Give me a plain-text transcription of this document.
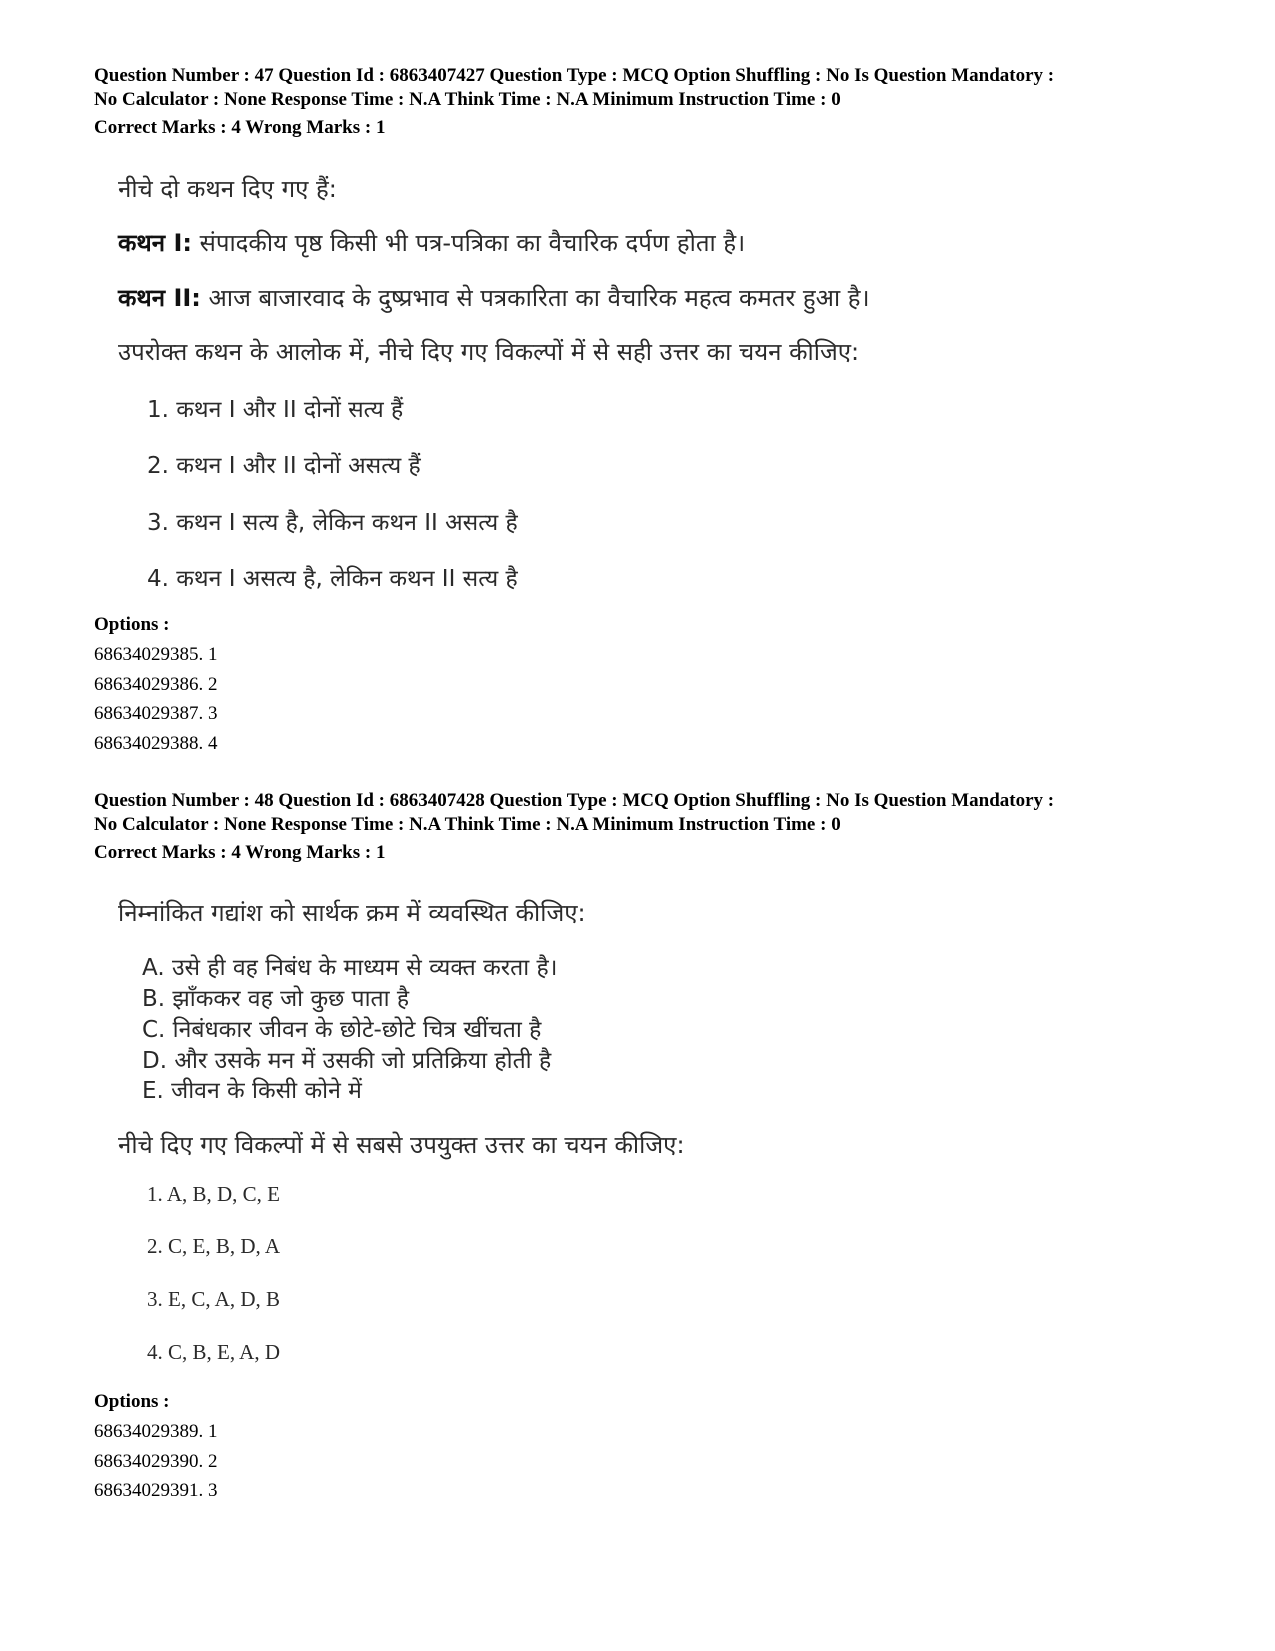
Question Number : 47 Question Id : 6863407427 Question Type : MCQ Option Shuffling : No Is Question Mandatory :
No Calculator : None Response Time : N.A Think Time : N.A Minimum Instruction Time : 0
Correct Marks : 4 Wrong Marks : 1
नीचे दो कथन दिए गए हैं:
कथन I: संपादकीय पृष्ठ किसी भी पत्र-पत्रिका का वैचारिक दर्पण होता है।
कथन II: आज बाजारवाद के दुष्प्रभाव से पत्रकारिता का वैचारिक महत्व कमतर हुआ है।
उपरोक्त कथन के आलोक में, नीचे दिए गए विकल्पों में से सही उत्तर का चयन कीजिए:
1. कथन I और II दोनों सत्य हैं
2. कथन I और II दोनों असत्य हैं
3. कथन I सत्य है, लेकिन कथन II असत्य है
4. कथन I असत्य है, लेकिन कथन II सत्य है
Options :
68634029385. 1
68634029386. 2
68634029387. 3
68634029388. 4
Question Number : 48 Question Id : 6863407428 Question Type : MCQ Option Shuffling : No Is Question Mandatory :
No Calculator : None Response Time : N.A Think Time : N.A Minimum Instruction Time : 0
Correct Marks : 4 Wrong Marks : 1
निम्नांकित गद्यांश को सार्थक क्रम में व्यवस्थित कीजिए:
A. उसे ही वह निबंध के माध्यम से व्यक्त करता है।
B. झाँककर वह जो कुछ पाता है
C. निबंधकार जीवन के छोटे-छोटे चित्र खींचता है
D. और उसके मन में उसकी जो प्रतिक्रिया होती है
E. जीवन के किसी कोने में
नीचे दिए गए विकल्पों में से सबसे उपयुक्त उत्तर का चयन कीजिए:
1. A, B, D, C, E
2. C, E, B, D, A
3. E, C, A, D, B
4. C, B, E, A, D
Options :
68634029389. 1
68634029390. 2
68634029391. 3
